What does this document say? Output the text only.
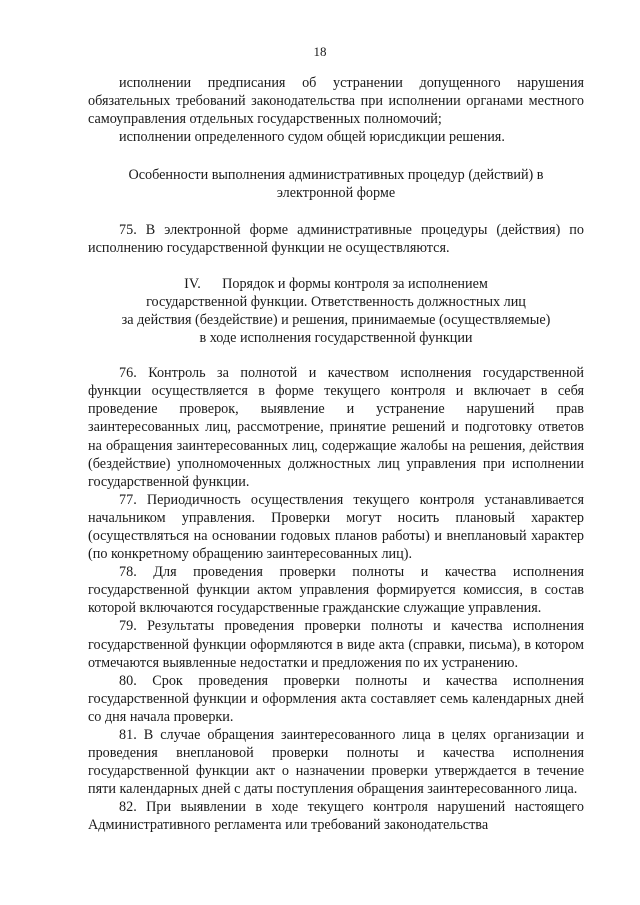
18

исполнении предписания об устранении допущенного нарушения обязательных требований законодательства при исполнении органами местного самоуправления отдельных государственных полномочий;

исполнении определенного судом общей юрисдикции решения.

Особенности выполнения административных процедур (действий) в
электронной форме

75. В электронной форме административные процедуры (действия) по исполнению государственной функции не осуществляются.

IV. Порядок и формы контроля за исполнением
государственной функции. Ответственность должностных лиц
за действия (бездействие) и решения, принимаемые (осуществляемые)
в ходе исполнения государственной функции

76. Контроль за полнотой и качеством исполнения государственной функции осуществляется в форме текущего контроля и включает в себя проведение проверок, выявление и устранение нарушений прав заинтересованных лиц, рассмотрение, принятие решений и подготовку ответов на обращения заинтересованных лиц, содержащие жалобы на решения, действия (бездействие) уполномоченных должностных лиц управления при исполнении государственной функции.

77. Периодичность осуществления текущего контроля устанавливается начальником управления. Проверки могут носить плановый характер (осуществляться на основании годовых планов работы) и внеплановый характер (по конкретному обращению заинтересованных лиц).

78. Для проведения проверки полноты и качества исполнения государственной функции актом управления формируется комиссия, в состав которой включаются государственные гражданские служащие управления.

79. Результаты проведения проверки полноты и качества исполнения государственной функции оформляются в виде акта (справки, письма), в котором отмечаются выявленные недостатки и предложения по их устранению.

80. Срок проведения проверки полноты и качества исполнения государственной функции и оформления акта составляет семь календарных дней со дня начала проверки.

81. В случае обращения заинтересованного лица в целях организации и проведения внеплановой проверки полноты и качества исполнения государственной функции акт о назначении проверки утверждается в течение пяти календарных дней с даты поступления обращения заинтересованного лица.

82. При выявлении в ходе текущего контроля нарушений настоящего Административного регламента или требований законодательства
